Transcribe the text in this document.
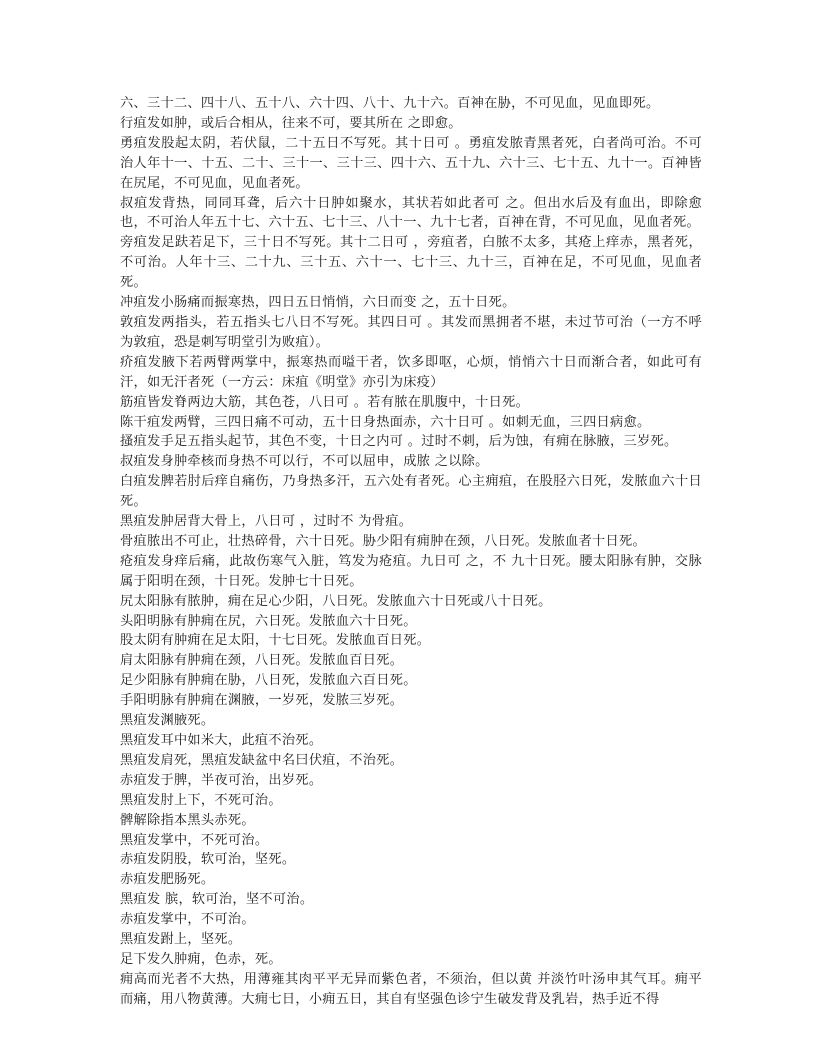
六、三十二、四十八、五十八、六十四、八十、九十六。百神在胁，不可见血，见血即死。

行疽发如肿，或后合相从，往来不可，要其所在 之即愈。

勇疽发股起太阴，若伏鼠，二十五日不写死。其十日可 。勇疽发脓青黑者死，白者尚可治。不可治人年十一、十五、二十、三十一、三十三、四十六、五十九、六十三、七十五、九十一。百神皆在尻尾，不可见血，见血者死。

叔疽发背热，同同耳聋，后六十日肿如聚水，其状若如此者可 之。但出水后及有血出，即除愈也，不可治人年五十七、六十五、七十三、八十一、九十七者，百神在背，不可见血，见血者死。

旁疽发足趺若足下，三十日不写死。其十二日可 ，旁疽者，白脓不太多，其疮上痒赤，黑者死，不可治。人年十三、二十九、三十五、六十一、七十三、九十三，百神在足，不可见血，见血者死。

冲疽发小肠痛而振寒热，四日五日悄悄，六日而变 之，五十日死。

敦疽发两指头，若五指头七八日不写死。其四日可 。其发而黑拥者不堪，未过节可治（一方不呼为敦疽，恐是刺写明堂引为败疽）。

疥疽发腋下若两臂两掌中，振寒热而嗌干者，饮多即呕，心烦，悄悄六十日而渐合者，如此可有汗，如无汗者死（一方云：床疽《明堂》亦引为床疫）

筋疽皆发脊两边大筋，其色苍，八日可 。若有脓在肌腹中，十日死。

陈干疽发两臂，三四日痛不可动，五十日身热面赤，六十日可 。如刺无血，三四日病愈。

搔疽发手足五指头起节，其色不变，十日之内可 。过时不刺，后为蚀，有痈在脉腋，三岁死。

叔疽发身肿牵核而身热不可以行，不可以屈申，成脓 之以除。

白疽发脾若肘后痒自痛伤，乃身热多汗，五六处有者死。心主痈疽，在股胫六日死，发脓血六十日死。

黑疽发肿居背大骨上，八日可 ，过时不 为骨疽。

骨疽脓出不可止，壮热碎骨，六十日死。胁少阳有痈肿在颈，八日死。发脓血者十日死。

疮疽发身痒后痛，此故伤寒气入脏，笃发为疮疽。九日可 之，不 九十日死。腰太阳脉有肿，交脉属于阳明在颈，十日死。发肿七十日死。

尻太阳脉有脓肿，痈在足心少阳，八日死。发脓血六十日死或八十日死。

头阳明脉有肿痈在尻，六日死。发脓血六十日死。

股太阴有肿痈在足太阳，十七日死。发脓血百日死。

肩太阳脉有肿痈在颈，八日死。发脓血百日死。

足少阳脉有肿痈在胁，八日死，发脓血六百日死。

手阳明脉有肿痈在渊腋，一岁死，发脓三岁死。

黑疽发渊腋死。

黑疽发耳中如米大，此疽不治死。

黑疽发肩死，黑疽发缺盆中名曰伏疽，不治死。

赤疽发于脾，半夜可治，出岁死。

黑疽发肘上下，不死可治。

髀解除指本黑头赤死。

黑疽发掌中，不死可治。

赤疽发阴股，软可治，坚死。

赤疽发肥肠死。

黑疽发 膑，软可治，坚不可治。

赤疽发掌中，不可治。

黑疽发跗上，坚死。

足下发久肿痈，色赤，死。

痈高而光者不大热，用薄雍其肉平平无异而紫色者，不须治，但以黄 并淡竹叶汤申其气耳。痈平而痛，用八物黄薄。大痈七日，小痈五日，其自有坚强色诊宁生破发背及乳岩，热手近不得
